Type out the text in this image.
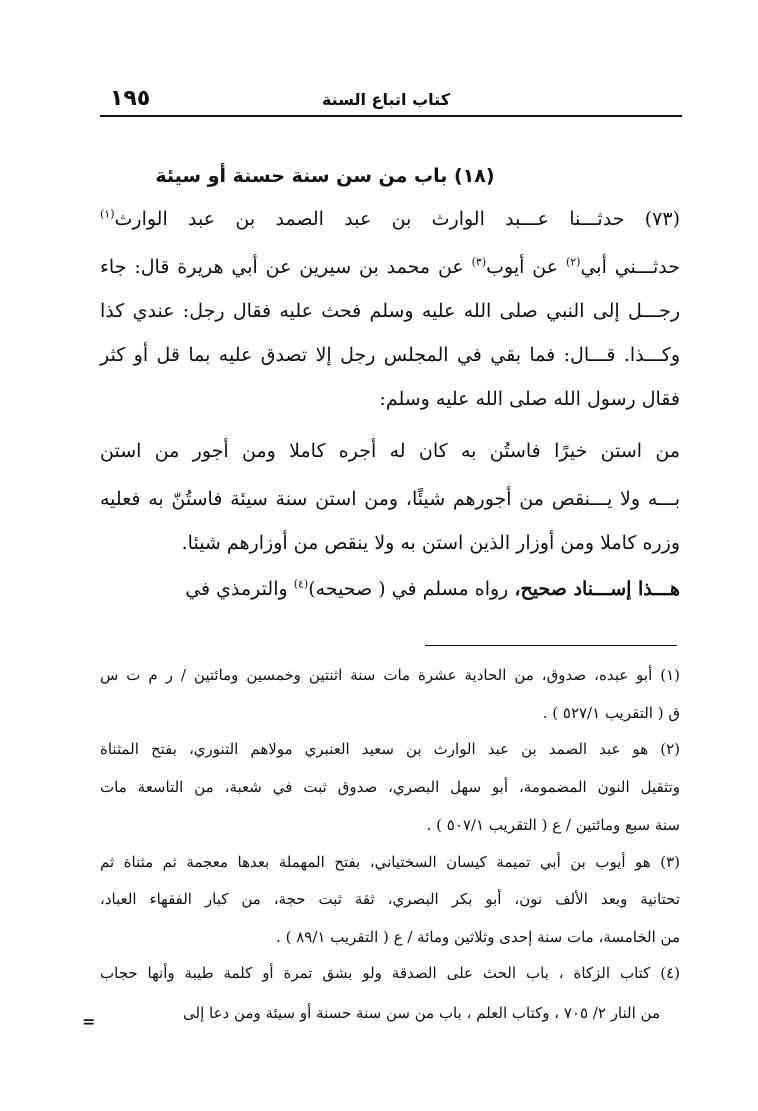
كتاب اتباع السنة
١٩٥
(١٨) باب من سن سنة حسنة أو سيئة
(٧٣) حدثـــنا عـــبد الوارث بن عبد الصمد بن عبد الوارث$^{(١)}$
حدثـــني أبي$^{(٢)}$ عن أيوب$^{(٣)}$ عن محمد بن سيرين عن أبي هريرة قال: جاء
رجـــل إلى النبي صلى الله عليه وسلم فحث عليه فقال رجل: عندي كذا
وكـــذا. قـــال: فما بقي في المجلس رجل إلا تصدق عليه بما قل أو كثر
فقال رسول الله صلى الله عليه وسلم:
من استن خيرًا فاستُن به كان له أجره كاملا ومن أجور من استن
بـــه ولا يـــنقص من أجورهم شيئًا، ومن استن سنة سيئة فاستُنّ به فعليه
وزره كاملا ومن أوزار الذين استن به ولا ينقص من أوزارهم شيئا.
هـــذا إســـناد صحيح، رواه مسلم في ( صحيحه)$^{(٤)}$ والترمذي في
(١) أبو عبده، صدوق، من الحادية عشرة مات سنة اثنتين وخمسين ومائتين / ر م ت س
ق ( التقريب ٥٢٧/١ ) .
(٢) هو عبد الصمد بن عبد الوارث بن سعيد العنبري مولاهم التنوري، بفتح المثناة
وتثقيل النون المضمومة، أبو سهل البصري، صدوق ثبت في شعبة، من التاسعة مات
سنة سبع ومائتين / ع ( التقريب ٥٠٧/١ ) .
(٣) هو أيوب بن أبي تميمة كيسان السختياني، بفتح المهملة بعدها معجمة ثم مثناة ثم
تحتانية وبعد الألف نون، أبو بكر البصري، ثقة ثبت حجة، من كبار الفقهاء العباد،
من الخامسة، مات سنة إحدى وثلاثين ومائة / ع ( التقريب ٨٩/١ ) .
(٤) كتاب الزكاة ، باب الحث على الصدقة ولو بشق تمرة أو كلمة طيبة وأنها حجاب
من النار ٢/ ٧٠٥ ، وكتاب العلم ، باب من سن سنة حسنة أو سيئة ومن دعا إلى
=
